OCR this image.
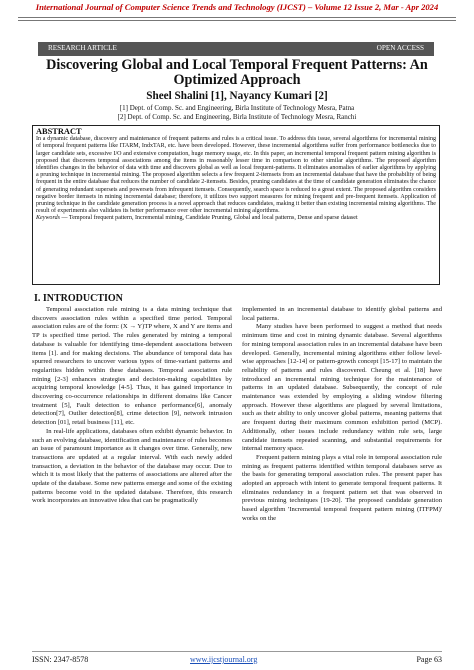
International Journal of Computer Science Trends and Technology (IJCST) – Volume 12 Issue 2, Mar - Apr 2024
RESEARCH ARTICLE	OPEN ACCESS
Discovering Global and Local Temporal Frequent Patterns: An Optimized Approach
Sheel Shalini [1], Nayancy Kumari [2]
[1] Dept. of Comp. Sc. and Engineering, Birla Institute of Technology Mesra, Patna
[2] Dept. of Comp. Sc. and Engineering, Birla Institute of Technology Mesra, Ranchi
ABSTRACT
In a dynamic database, discovery and maintenance of frequent patterns and rules is a critical issue. To address this issue, several algorithms for incremental mining of temporal frequent patterns like ITARM, IndxTAR, etc. have been developed. However, these incremental algorithms suffer from performance bottlenecks due to larger candidate sets, excessive I/O and extensive computation, huge memory usage, etc. In this paper, an incremental temporal frequent pattern mining algorithm is proposed that discovers temporal associations among the items in reasonably lesser time in comparison to other similar algorithms. The proposed algorithm identifies changes in the behavior of data with time and discovers global as well as local frequent-patterns. It eliminates anomalies of earlier algorithms by applying a pruning technique in incremental mining. The proposed algorithm selects a few frequent 2-itemsets from an incremental database that have the probability of being frequent in the entire database that reduces the number of candidate 2-itemsets. Besides, pruning candidates at the time of candidate generation eliminates the chance of generating redundant supersets and powersets from infrequent itemsets. Consequently, search space is reduced to a great extent. The proposed algorithm considers negative border itemsets in mining incremental database; therefore, it utilizes two support measures for mining frequent and pre-frequent itemsets. Application of pruning technique in the candidate generation process is a novel approach that reduces candidates, making it better than existing incremental mining algorithms. The result of experiments also validates its better performance over other incremental mining algorithms.
Keywords — Temporal frequent pattern, Incremental mining, Candidate Pruning, Global and local patterns, Dense and sparse dataset
I. INTRODUCTION

Temporal association rule mining is a data mining technique that discovers association rules within a specified time period. Temporal association rules are of the form: (X → Y)TP where, X and Y are items and TP is specified time period. The rules generated by mining a temporal database is valuable for identifying time-dependent associations between items [1]. and for making decisions. The abundance of temporal data has spurred researchers to uncover various types of time-variant patterns and regularities hidden within these databases. Temporal association rule mining [2-3] enhances strategies and decision-making capabilities by acquiring temporal knowledge [4-5]. Thus, it has gained importance in discovering co-occurrence relationships in different domains like Cancer treatment [5], Fault detection to enhance performance[6], anomaly detection[7], Outlier detection[8], crime detection [9], network intrusion detection [01], retail business [11], etc.

In real-life applications, databases often exhibit dynamic behavior. In such an evolving database, identification and maintenance of rules becomes an issue of paramount importance as it changes over time. Generally, new transactions are updated at a regular interval. With each newly added transaction, a deviation in the behavior of the database may occur. Due to which it is most likely that the patterns of associations are altered after the update of the database. Some new patterns emerge and some of the existing patterns become void in the updated database. Therefore, this research work incorporates an innovative idea that can be pragmatically

implemented in an incremental database to identify global patterns and local patterns.

Many studies have been performed to suggest a method that needs minimum time and cost in mining dynamic database. Several algorithms for mining temporal association rules in an incremental database have been developed. Generally, incremental mining algorithms either follow level-wise approaches [12-14] or pattern-growth concept [15-17] to maintain the reliability of patterns and rules discovered. Cheung et al. [18] have introduced an incremental mining technique for the maintenance of patterns in an updated database. Subsequently, the concept of rule maintenance was extended by employing a sliding window filtering approach. However these algorithms are plagued by several limitations, such as their ability to only uncover global patterns, meaning patterns that are frequent during their maximum common exhibition period (MCP). Additionally, other issues include redundancy within rule sets, large candidate itemsets repeated scanning, and substantial requirements for internal memory space.

Frequent pattern mining plays a vital role in temporal association rule mining as frequent patterns identified within temporal databases serve as the basis for generating temporal association rules. The present paper has adopted an approach with intent to generate temporal frequent patterns. It eliminates redundancy in a frequent pattern set that was observed in previous mining techniques [19-20]. The proposed candidate generation based algorithm 'Incremental temporal frequent pattern mining (ITFPM)' works on the

ISSN: 2347-8578	www.ijcstjournal.org	Page 63
